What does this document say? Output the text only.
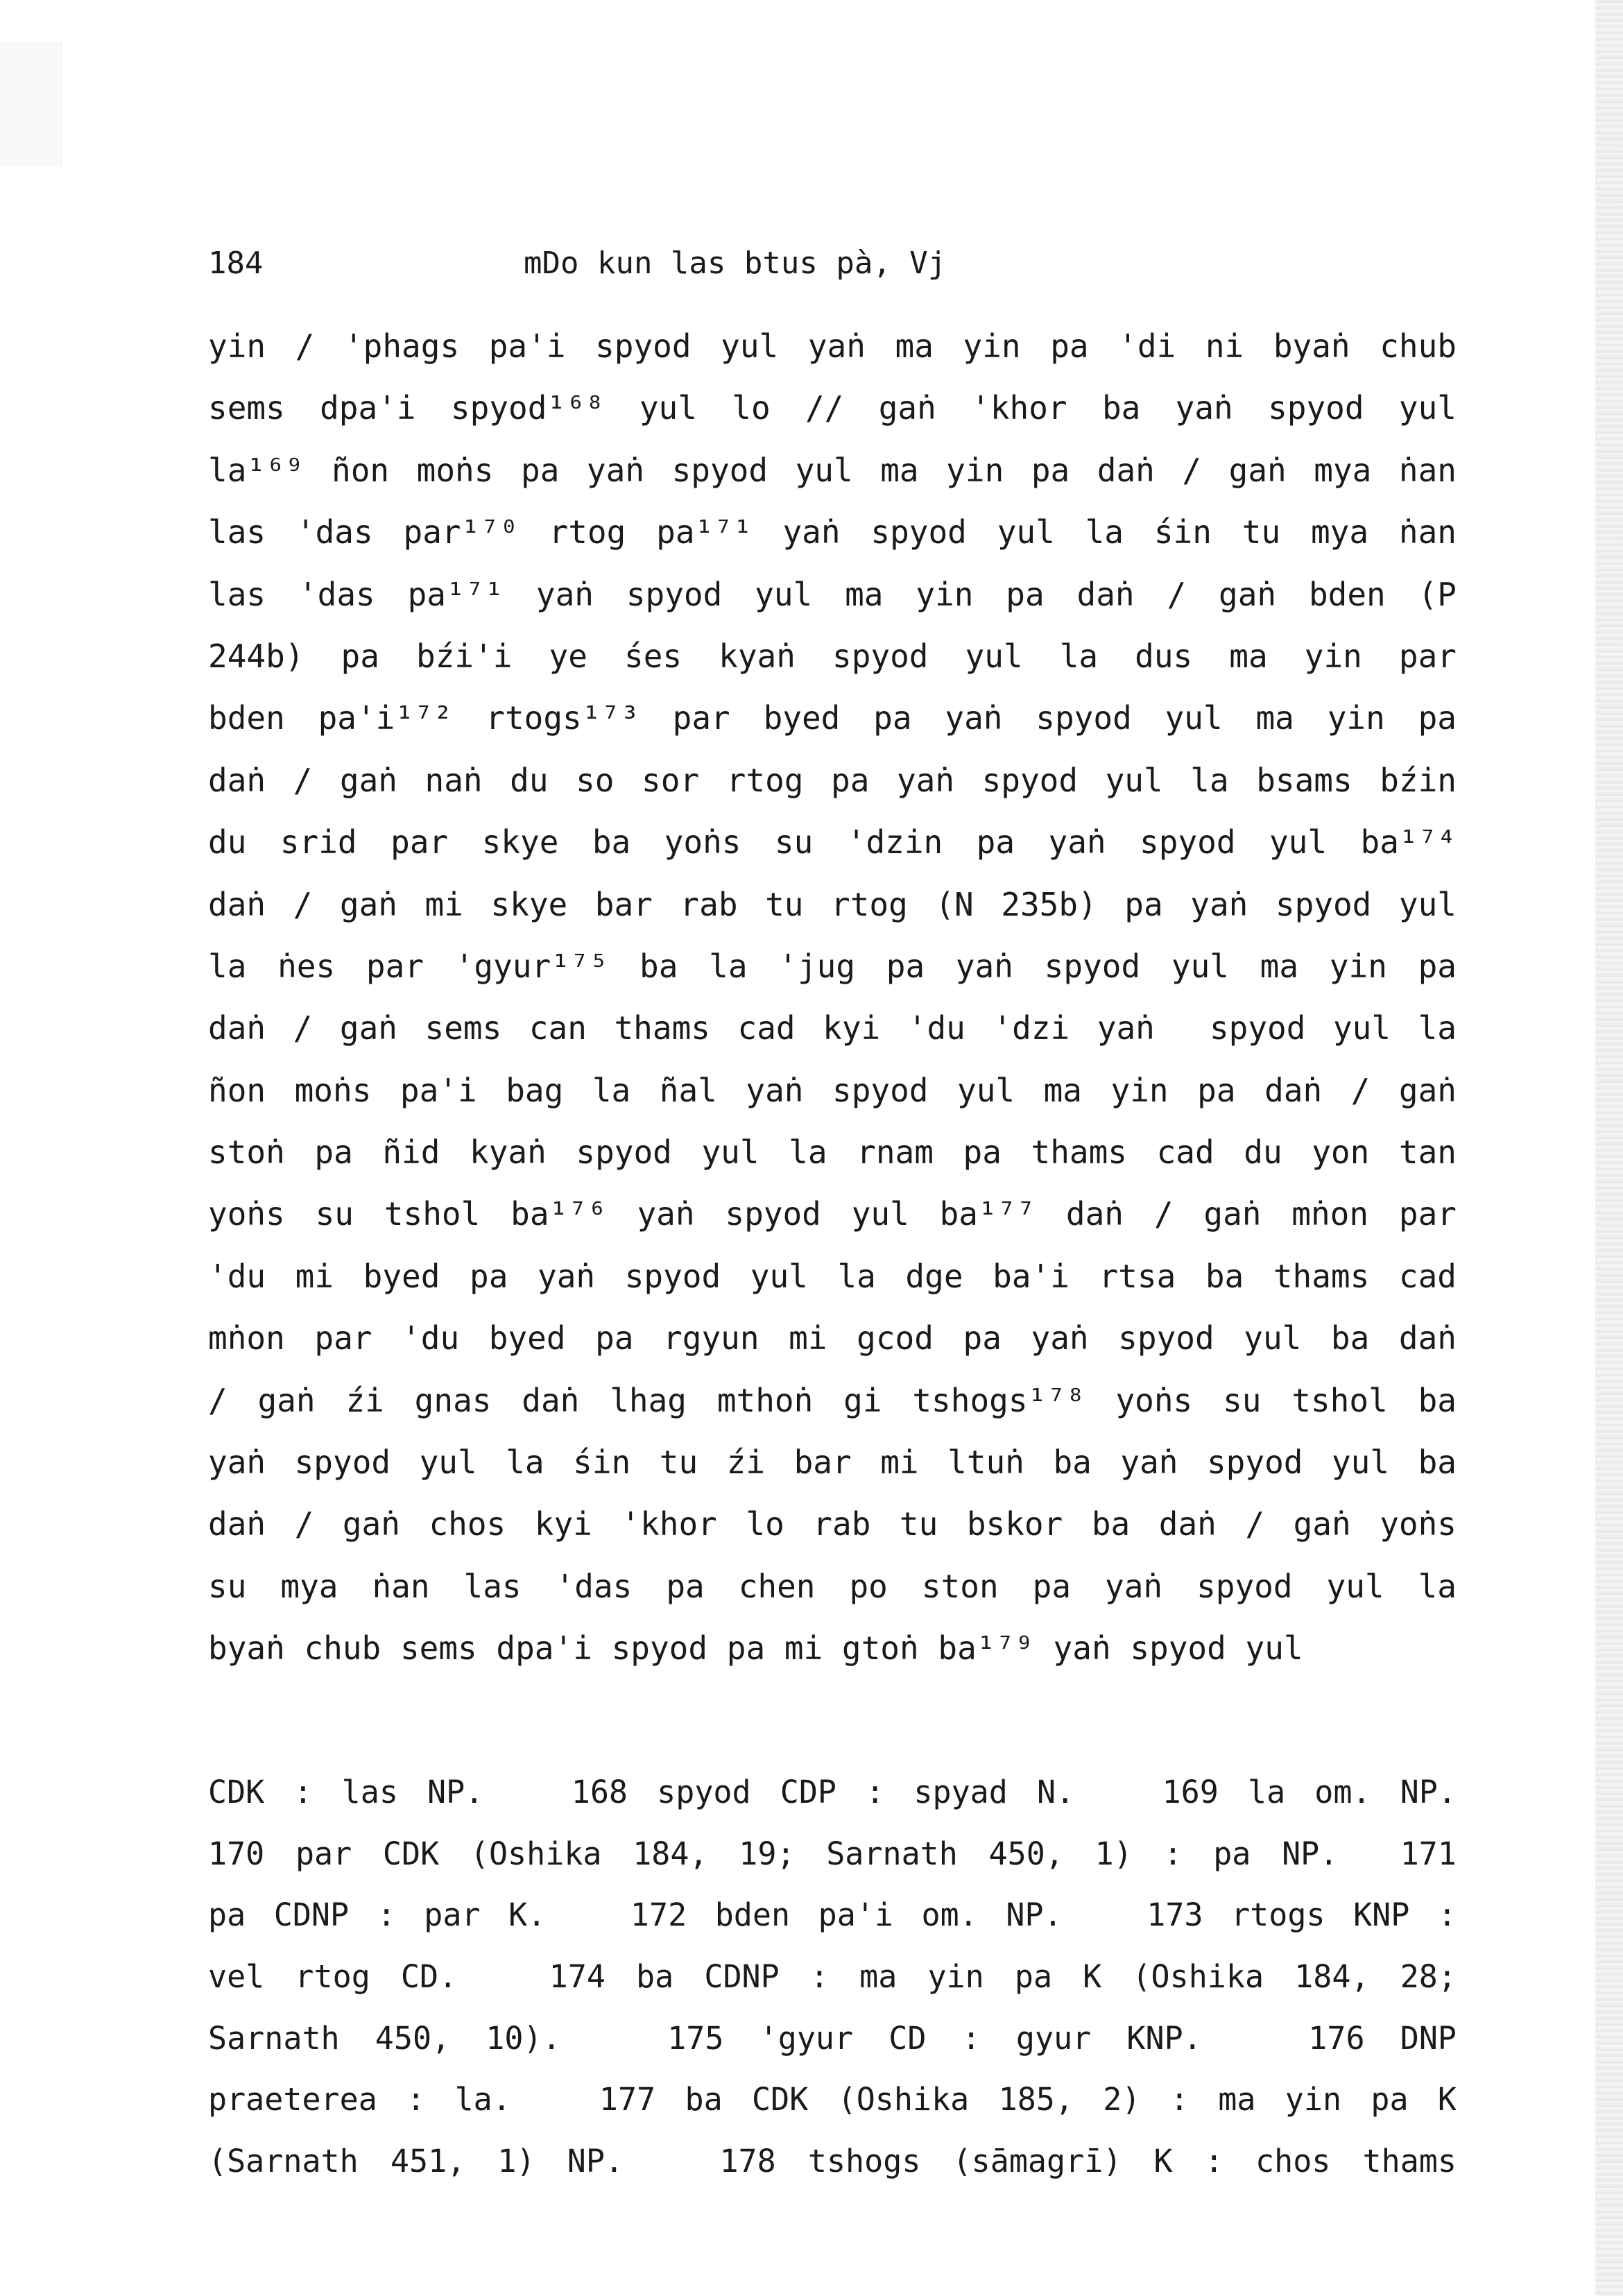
184	mDo kun las btus pà, Vj
yin / 'phags pa'i spyod yul yaṅ ma yin pa 'di ni byaṅ chub
sems dpa'i spyod¹⁶⁸ yul lo // gaṅ 'khor ba yaṅ spyod yul
la¹⁶⁹ ñon moṅs pa yaṅ spyod yul ma yin pa daṅ / gaṅ mya ṅan
las 'das par¹⁷⁰ rtog pa¹⁷¹ yaṅ spyod yul la śin tu mya ṅan
las 'das pa¹⁷¹ yaṅ spyod yul ma yin pa daṅ / gaṅ bden (P
244b) pa bźi'i ye śes kyaṅ spyod yul la dus ma yin par
bden pa'i¹⁷² rtogs¹⁷³ par byed pa yaṅ spyod yul ma yin pa
daṅ / gaṅ naṅ du so sor rtog pa yaṅ spyod yul la bsams bźin
du srid par skye ba yoṅs su 'dzin pa yaṅ spyod yul ba¹⁷⁴
daṅ / gaṅ mi skye bar rab tu rtog (N 235b) pa yaṅ spyod yul
la ṅes par 'gyur¹⁷⁵ ba la 'jug pa yaṅ spyod yul ma yin pa
daṅ / gaṅ sems can thams cad kyi 'du 'dzi yaṅ  spyod yul la
ñon moṅs pa'i bag la ñal yaṅ spyod yul ma yin pa daṅ / gaṅ
stoṅ pa ñid kyaṅ spyod yul la rnam pa thams cad du yon tan
yoṅs su tshol ba¹⁷⁶ yaṅ spyod yul ba¹⁷⁷ daṅ / gaṅ mṅon par
'du mi byed pa yaṅ spyod yul la dge ba'i rtsa ba thams cad
mṅon par 'du byed pa rgyun mi gcod pa yaṅ spyod yul ba daṅ
/ gaṅ źi gnas daṅ lhag mthoṅ gi tshogs¹⁷⁸ yoṅs su tshol ba
yaṅ spyod yul la śin tu źi bar mi ltuṅ ba yaṅ spyod yul ba
daṅ / gaṅ chos kyi 'khor lo rab tu bskor ba daṅ / gaṅ yoṅs
su mya ṅan las 'das pa chen po ston pa yaṅ spyod yul la
byaṅ chub sems dpa'i spyod pa mi gtoṅ ba¹⁷⁹ yaṅ spyod yul
CDK : las NP.   168 spyod CDP : spyad N.   169 la om. NP.
170 par CDK (Oshika 184, 19; Sarnath 450, 1) : pa NP.  171
pa CDNP : par K.   172 bden pa'i om. NP.   173 rtogs KNP :
vel rtog CD.   174 ba CDNP : ma yin pa K (Oshika 184, 28;
Sarnath 450, 10).   175 'gyur CD : gyur KNP.   176 DNP
praeterea : la.   177 ba CDK (Oshika 185, 2) : ma yin pa K
(Sarnath 451, 1) NP.   178 tshogs (sāmagrī) K : chos thams
